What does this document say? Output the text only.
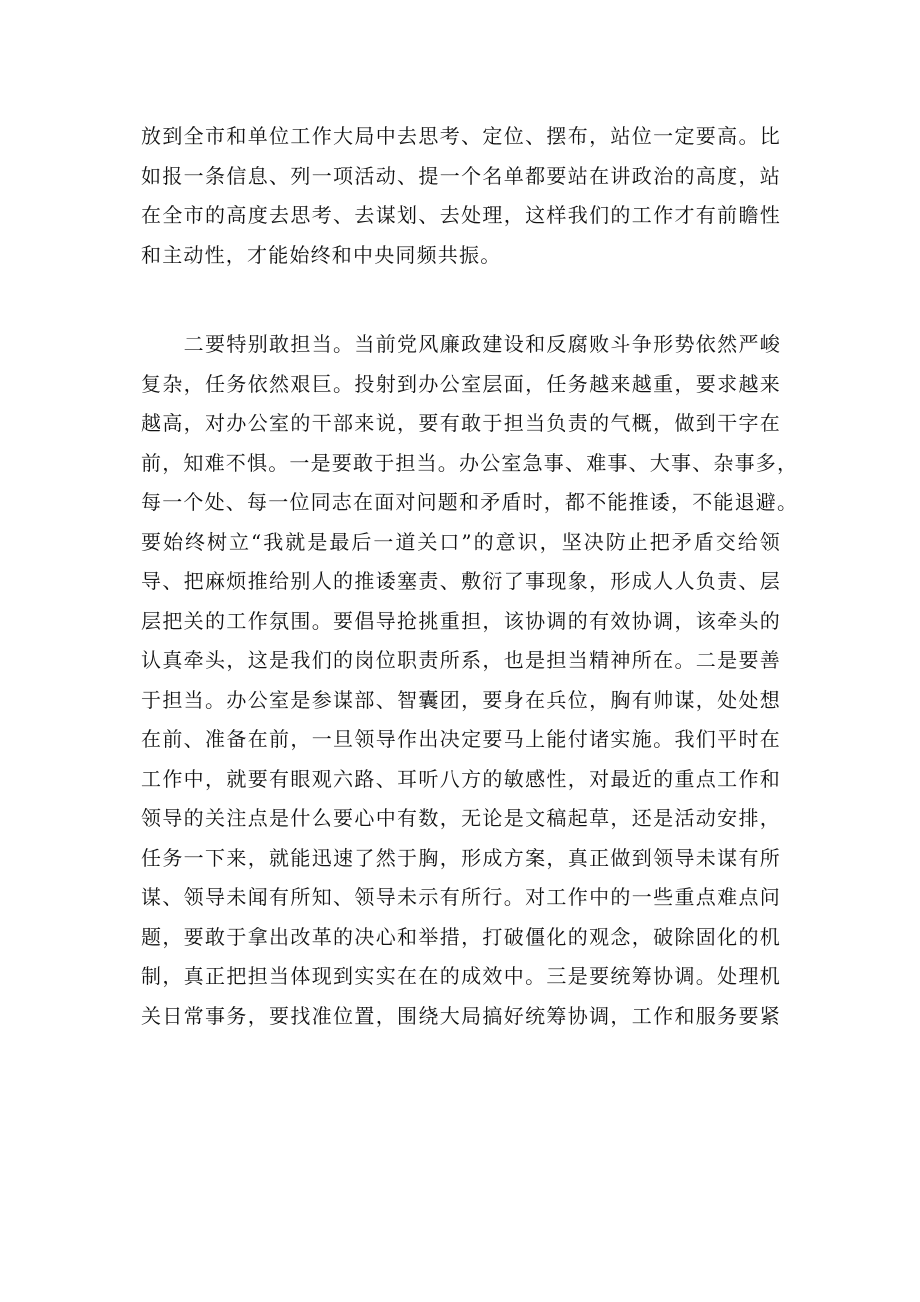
放到全市和单位工作大局中去思考、定位、摆布，站位一定要高。比
如报一条信息、列一项活动、提一个名单都要站在讲政治的高度，站
在全市的高度去思考、去谋划、去处理，这样我们的工作才有前瞻性
和主动性，才能始终和中央同频共振。
　　二要特别敢担当。当前党风廉政建设和反腐败斗争形势依然严峻
复杂，任务依然艰巨。投射到办公室层面，任务越来越重，要求越来
越高，对办公室的干部来说，要有敢于担当负责的气概，做到干字在
前，知难不惧。一是要敢于担当。办公室急事、难事、大事、杂事多，
每一个处、每一位同志在面对问题和矛盾时，都不能推诿，不能退避。
要始终树立“我就是最后一道关口”的意识，坚决防止把矛盾交给领
导、把麻烦推给别人的推诿塞责、敷衍了事现象，形成人人负责、层
层把关的工作氛围。要倡导抢挑重担，该协调的有效协调，该牵头的
认真牵头，这是我们的岗位职责所系，也是担当精神所在。二是要善
于担当。办公室是参谋部、智囊团，要身在兵位，胸有帅谋，处处想
在前、准备在前，一旦领导作出决定要马上能付诸实施。我们平时在
工作中，就要有眼观六路、耳听八方的敏感性，对最近的重点工作和
领导的关注点是什么要心中有数，无论是文稿起草，还是活动安排，
任务一下来，就能迅速了然于胸，形成方案，真正做到领导未谋有所
谋、领导未闻有所知、领导未示有所行。对工作中的一些重点难点问
题，要敢于拿出改革的决心和举措，打破僵化的观念，破除固化的机
制，真正把担当体现到实实在在的成效中。三是要统筹协调。处理机
关日常事务，要找准位置，围绕大局搞好统筹协调，工作和服务要紧
